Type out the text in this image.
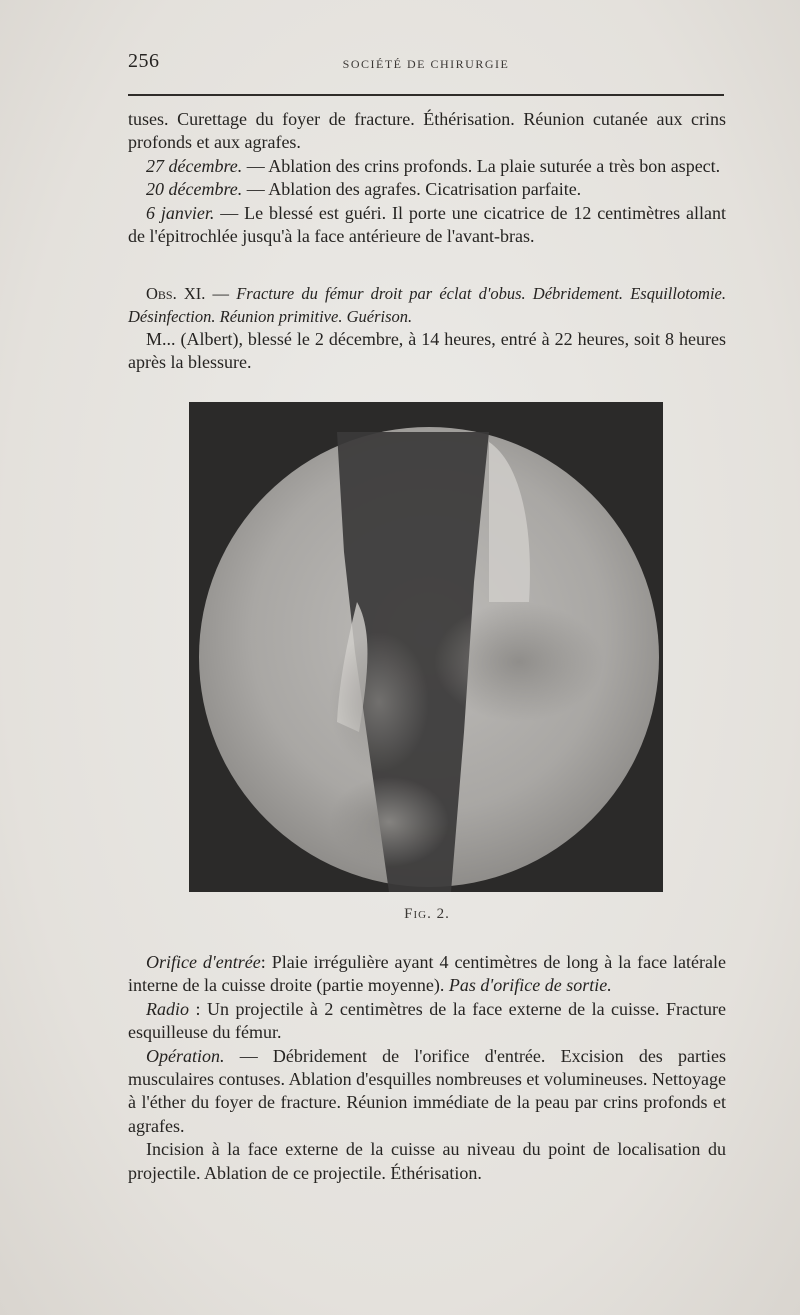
256	SOCIÉTÉ DE CHIRURGIE

tuses. Curettage du foyer de fracture. Éthérisation. Réunion cutanée aux crins profonds et aux agrafes.

27 décembre. — Ablation des crins profonds. La plaie suturée a très bon aspect.

20 décembre. — Ablation des agrafes. Cicatrisation parfaite.

6 janvier. — Le blessé est guéri. Il porte une cicatrice de 12 centimètres allant de l'épitrochlée jusqu'à la face antérieure de l'avant-bras.

Obs. XI. — Fracture du fémur droit par éclat d'obus. Débridement. Esquillotomie. Désinfection. Réunion primitive. Guérison.

M... (Albert), blessé le 2 décembre, à 14 heures, entré à 22 heures, soit 8 heures après la blessure.

Fig. 2.

Orifice d'entrée: Plaie irrégulière ayant 4 centimètres de long à la face latérale interne de la cuisse droite (partie moyenne). Pas d'orifice de sortie.

Radio : Un projectile à 2 centimètres de la face externe de la cuisse. Fracture esquilleuse du fémur.

Opération. — Débridement de l'orifice d'entrée. Excision des parties musculaires contuses. Ablation d'esquilles nombreuses et volumineuses. Nettoyage à l'éther du foyer de fracture. Réunion immédiate de la peau par crins profonds et agrafes.

Incision à la face externe de la cuisse au niveau du point de localisation du projectile. Ablation de ce projectile. Éthérisation.
